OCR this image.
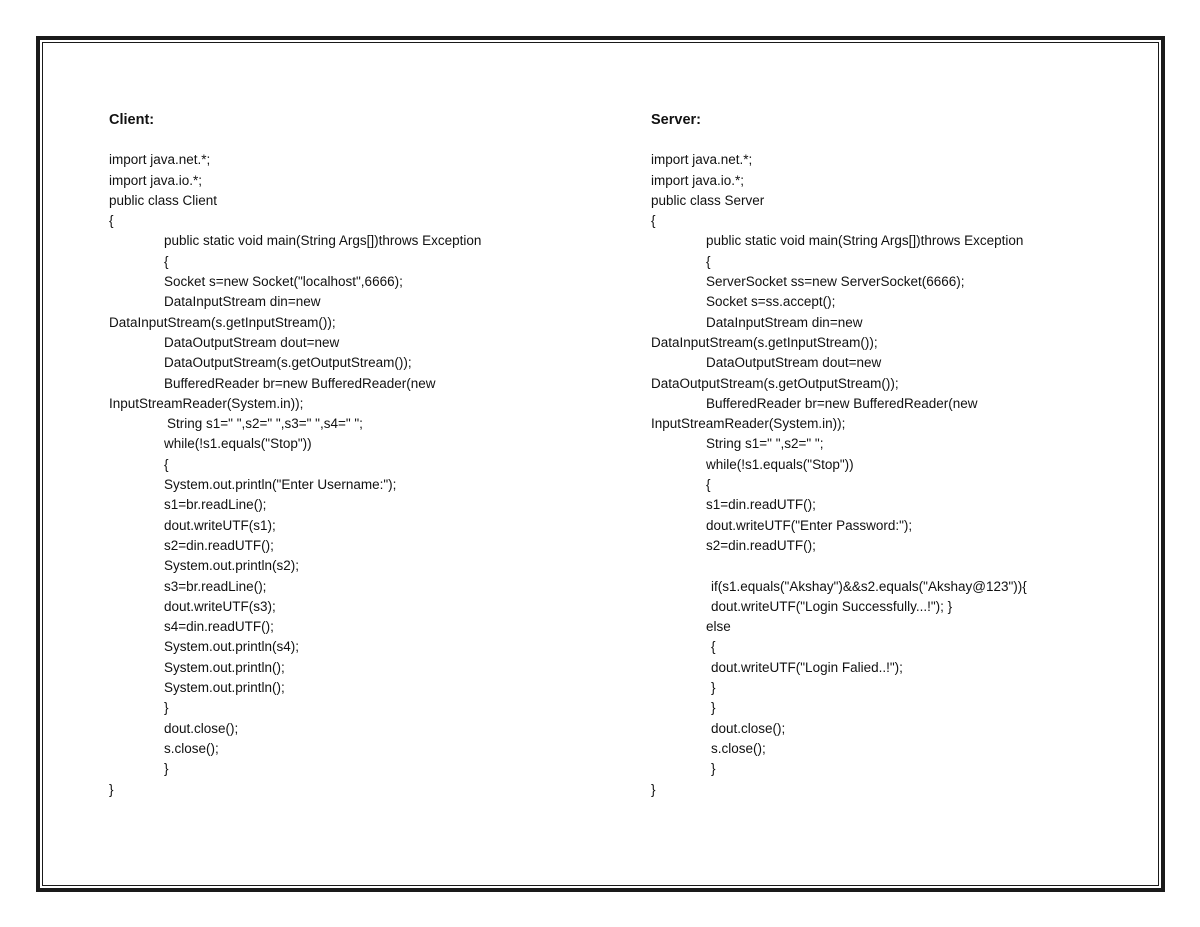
Client:
import java.net.*;
import java.io.*;
public class Client
{
public static void main(String Args[])throws Exception
{
Socket s=new Socket("localhost",6666);
DataInputStream din=new
DataInputStream(s.getInputStream());
DataOutputStream dout=new
DataOutputStream(s.getOutputStream());
BufferedReader br=new BufferedReader(new
InputStreamReader(System.in));
String s1=" ",s2=" ",s3=" ",s4=" ";
while(!s1.equals("Stop"))
{
System.out.println("Enter Username:");
s1=br.readLine();
dout.writeUTF(s1);
s2=din.readUTF();
System.out.println(s2);
s3=br.readLine();
dout.writeUTF(s3);
s4=din.readUTF();
System.out.println(s4);
System.out.println();
System.out.println();
}
dout.close();
s.close();
}
}
Server:
import java.net.*;
import java.io.*;
public class Server
{
public static void main(String Args[])throws Exception
{
ServerSocket ss=new ServerSocket(6666);
Socket s=ss.accept();
DataInputStream din=new
DataInputStream(s.getInputStream());
DataOutputStream dout=new
DataOutputStream(s.getOutputStream());
BufferedReader br=new BufferedReader(new
InputStreamReader(System.in));
String s1=" ",s2=" ";
while(!s1.equals("Stop"))
{
s1=din.readUTF();
dout.writeUTF("Enter Password:");
s2=din.readUTF();
if(s1.equals("Akshay")&&s2.equals("Akshay@123")){
dout.writeUTF("Login Successfully...!"); }
else
{
dout.writeUTF("Login Falied..!");
}
}
dout.close();
s.close();
}
}
